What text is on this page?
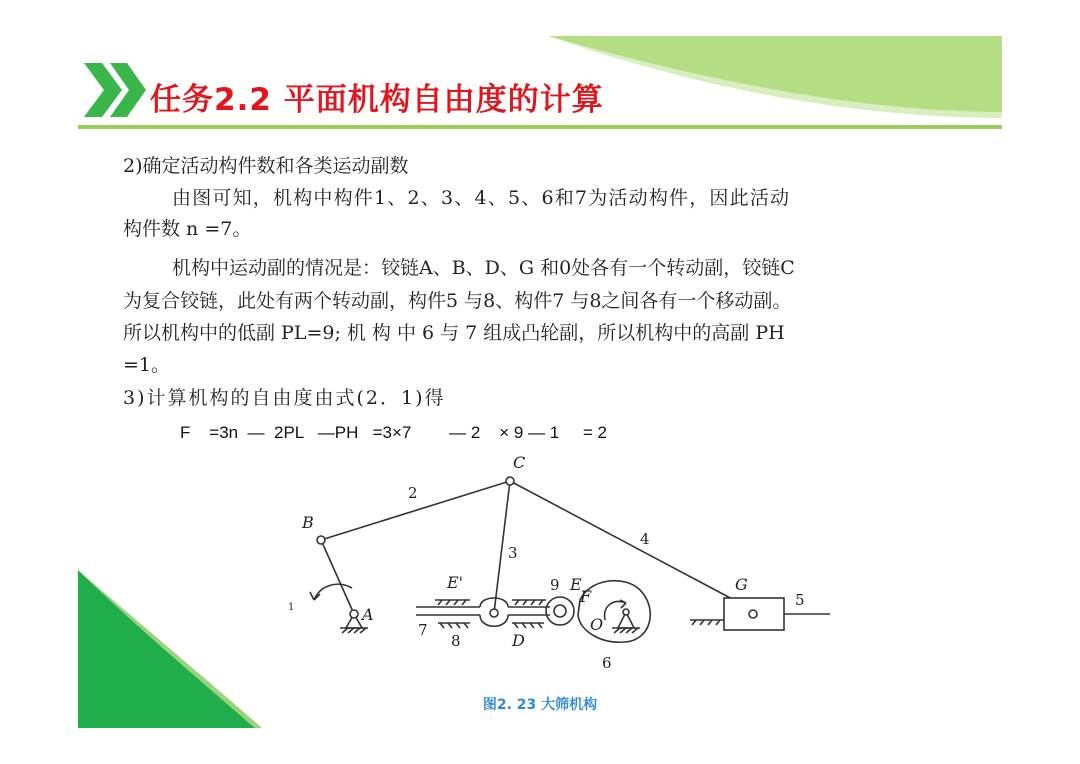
任务2.2 平面机构自由度的计算

2)确定活动构件数和各类运动副数

由图可知，机构中构件1、2、3、4、5、6和7为活动构件，因此活动

构件数 n =7。

机构中运动副的情况是：铰链A、B、D、G 和0处各有一个转动副，铰链C

为复合铰链，此处有两个转动副，构件5 与8、构件7 与8之间各有一个移动副。

所以机构中的低副 PL=9; 机 构 中 6 与 7 组成凸轮副，所以机构中的高副 PH

=1。

3)计算机构的自由度由式(2．1)得

F    =3n  —  2PL   —PH   =3×7        — 2    × 9 — 1     = 2
C
B
A
E'	E
F
D
O
G
2
3
4
5
6
7
8
9
1
图2. 23 大筛机构
